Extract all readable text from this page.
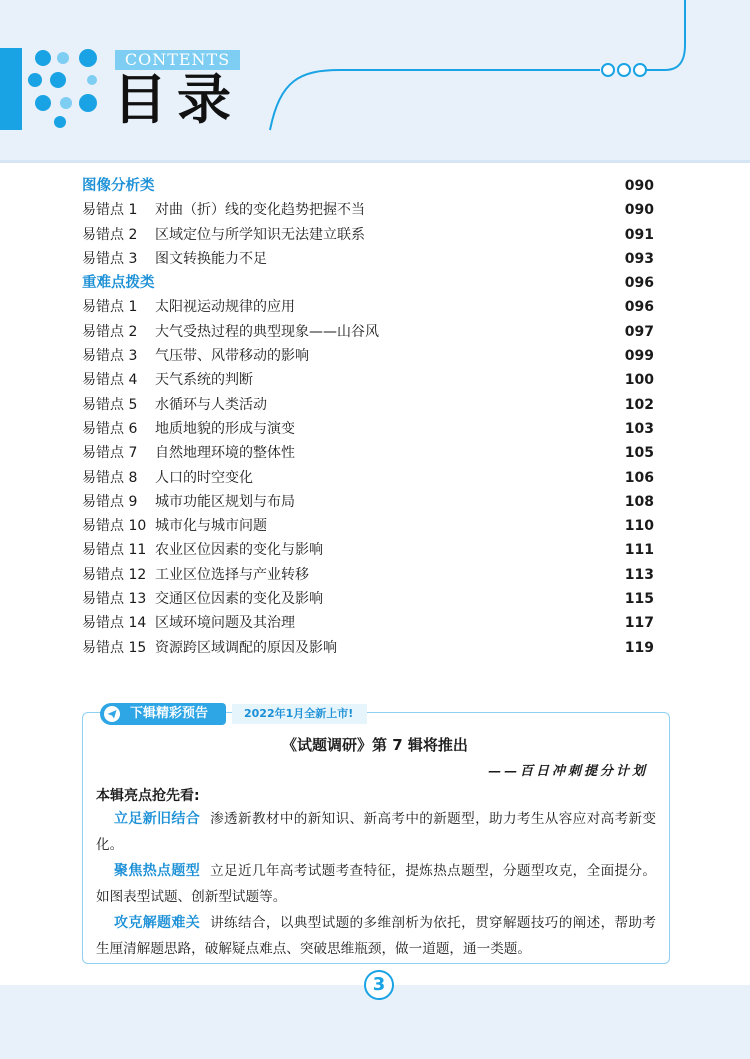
CONTENTS
目录
图像分析类	090
易错点 1 对曲（折）线的变化趋势把握不当	090
易错点 2 区域定位与所学知识无法建立联系	091
易错点 3 图文转换能力不足	093
重难点拨类	096
易错点 1 太阳视运动规律的应用	096
易错点 2 大气受热过程的典型现象——山谷风	097
易错点 3 气压带、风带移动的影响	099
易错点 4 天气系统的判断	100
易错点 5 水循环与人类活动	102
易错点 6 地质地貌的形成与演变	103
易错点 7 自然地理环境的整体性	105
易错点 8 人口的时空变化	106
易错点 9 城市功能区规划与布局	108
易错点 10 城市化与城市问题	110
易错点 11 农业区位因素的变化与影响	111
易错点 12 工业区位选择与产业转移	113
易错点 13 交通区位因素的变化及影响	115
易错点 14 区域环境问题及其治理	117
易错点 15 资源跨区域调配的原因及影响	119
下辑精彩预告	2022年1月全新上市!
《试题调研》第 7 辑将推出
——百日冲刺提分计划
本辑亮点抢先看:
立足新旧结合 渗透新教材中的新知识、新高考中的新题型，助力考生从容应对高考新变化。
聚焦热点题型 立足近几年高考试题考查特征，提炼热点题型，分题型攻克，全面提分。如图表型试题、创新型试题等。
攻克解题难关 讲练结合，以典型试题的多维剖析为依托，贯穿解题技巧的阐述，帮助考生厘清解题思路，破解疑点难点、突破思维瓶颈，做一道题，通一类题。
3
